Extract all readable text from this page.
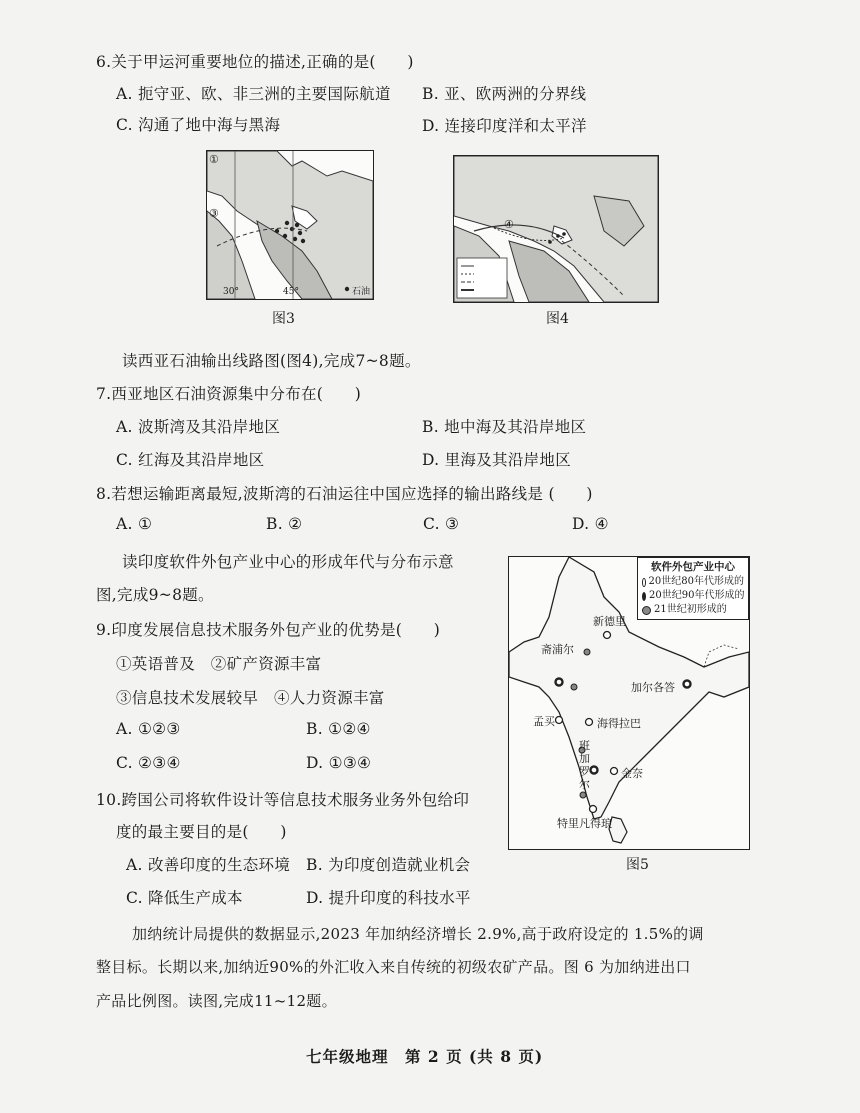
6.关于甲运河重要地位的描述,正确的是(　　)
A. 扼守亚、欧、非三洲的主要国际航道 B. 亚、欧两洲的分界线
C. 沟通了地中海与黑海	D. 连接印度洋和太平洋
①
③
30°	45°	石油
图3
④
图4
读西亚石油输出线路图(图4),完成7~8题。
7.西亚地区石油资源集中分布在(　　)
A. 波斯湾及其沿岸地区	B. 地中海及其沿岸地区
C. 红海及其沿岸地区	D. 里海及其沿岸地区
8.若想运输距离最短,波斯湾的石油运往中国应选择的输出路线是 (　　)
A. ①	B. ②	C. ③	D. ④
读印度软件外包产业中心的形成年代与分布示意
图,完成9~8题。
9.印度发展信息技术服务外包产业的优势是(　　)
①英语普及　②矿产资源丰富
③信息技术发展较早　④人力资源丰富
A. ①②③	B. ①②④
C. ②③④	D. ①③④
10.跨国公司将软件设计等信息技术服务业务外包给印
度的最主要目的是(　　)
A. 改善印度的生态环境 B. 为印度创造就业机会
C. 降低生产成本	D. 提升印度的科技水平
软件外包产业中心
20世纪80年代形成的
20世纪90年代形成的
21世纪初形成的
新德里
斋浦尔
加尔各答
孟买	海得拉巴
班加罗尔
金奈
特里凡得琅
图5
加纳统计局提供的数据显示,2023 年加纳经济增长 2.9%,高于政府设定的 1.5%的调
整目标。长期以来,加纳近90%的外汇收入来自传统的初级农矿产品。图 6 为加纳进出口
产品比例图。读图,完成11~12题。
七年级地理　第 2 页 (共 8 页)
